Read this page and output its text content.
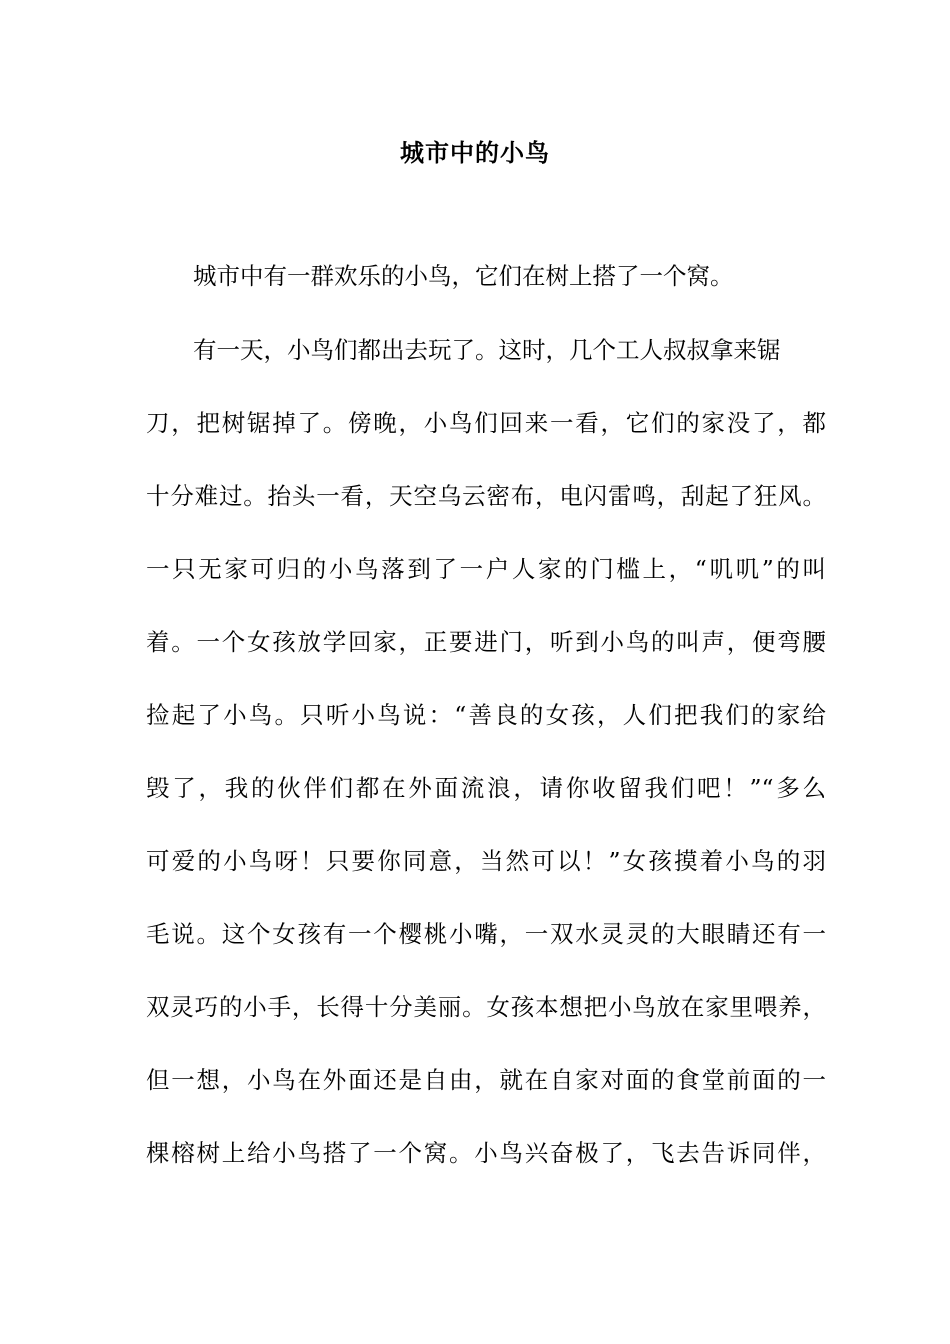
城市中的小鸟
城市中有一群欢乐的小鸟，它们在树上搭了一个窝。
有一天，小鸟们都出去玩了。这时，几个工人叔叔拿来锯
刀，把树锯掉了。傍晚，小鸟们回来一看，它们的家没了，都
十分难过。抬头一看，天空乌云密布，电闪雷鸣，刮起了狂风。
一只无家可归的小鸟落到了一户人家的门槛上，“叽叽”的叫
着。一个女孩放学回家，正要进门，听到小鸟的叫声，便弯腰
捡起了小鸟。只听小鸟说：“善良的女孩，人们把我们的家给
毁了，我的伙伴们都在外面流浪，请你收留我们吧！”“多么
可爱的小鸟呀！只要你同意，当然可以！”女孩摸着小鸟的羽
毛说。这个女孩有一个樱桃小嘴，一双水灵灵的大眼睛还有一
双灵巧的小手，长得十分美丽。女孩本想把小鸟放在家里喂养，
但一想，小鸟在外面还是自由，就在自家对面的食堂前面的一
棵榕树上给小鸟搭了一个窝。小鸟兴奋极了，飞去告诉同伴，
